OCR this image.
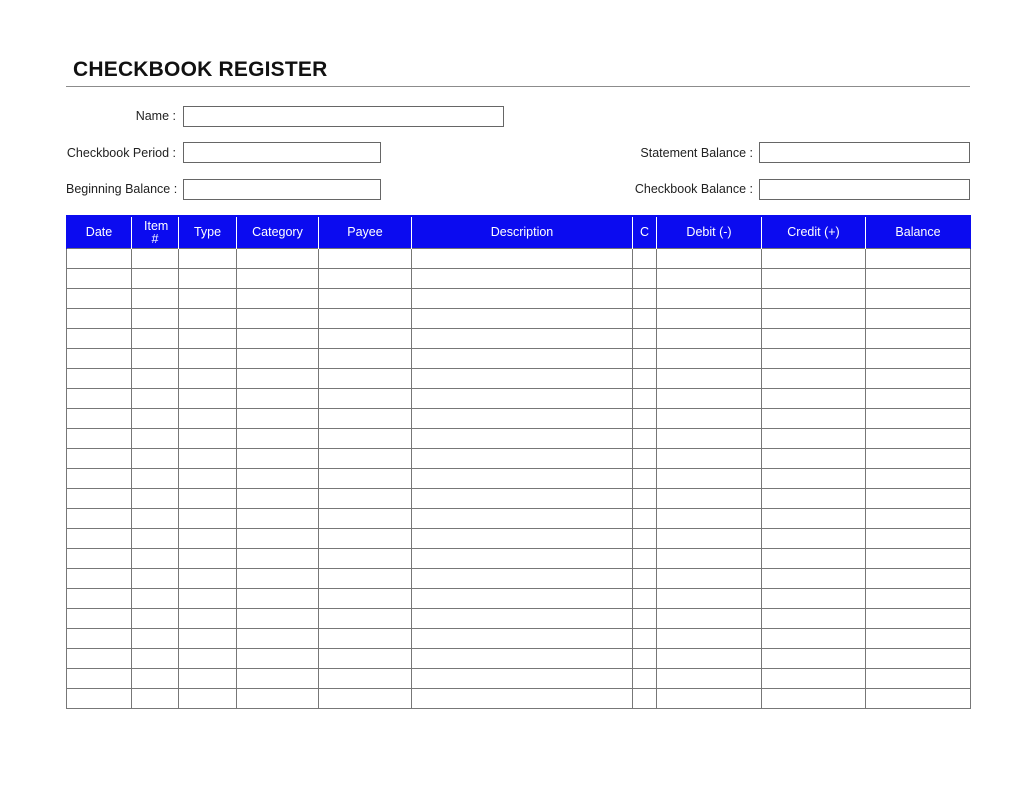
CHECKBOOK REGISTER
Name :
Checkbook Period :
Beginning Balance :
Statement Balance :
Checkbook Balance :
Date	Item #	Type	Category	Payee	Description	C	Debit (-)	Credit (+)	Balance
